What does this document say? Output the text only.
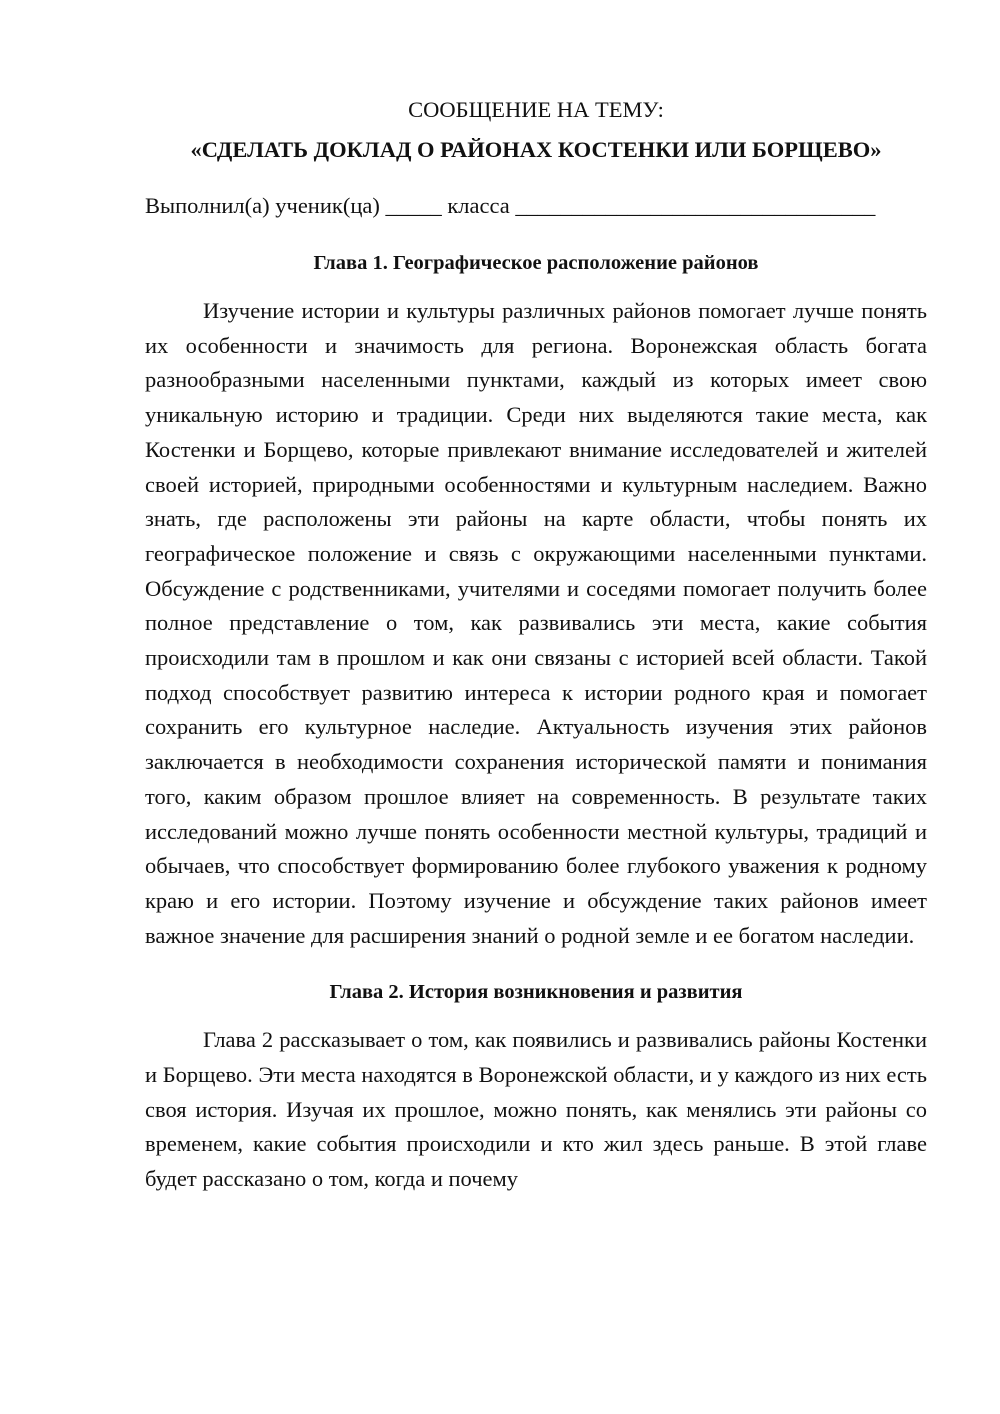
СООБЩЕНИЕ НА ТЕМУ:

«СДЕЛАТЬ ДОКЛАД О РАЙОНАХ КОСТЕНКИ ИЛИ БОРЩЕВО»

Выполнил(а) ученик(ца) _____ класса ________________________________

Глава 1. Географическое расположение районов

Изучение истории и культуры различных районов помогает лучше понять их особенности и значимость для региона. Воронежская область богата разнообразными населенными пунктами, каждый из которых имеет свою уникальную историю и традиции. Среди них выделяются такие места, как Костенки и Борщево, которые привлекают внимание исследователей и жителей своей историей, природными особенностями и культурным наследием. Важно знать, где расположены эти районы на карте области, чтобы понять их географическое положение и связь с окружающими населенными пунктами. Обсуждение с родственниками, учителями и соседями помогает получить более полное представление о том, как развивались эти места, какие события происходили там в прошлом и как они связаны с историей всей области. Такой подход способствует развитию интереса к истории родного края и помогает сохранить его культурное наследие. Актуальность изучения этих районов заключается в необходимости сохранения исторической памяти и понимания того, каким образом прошлое влияет на современность. В результате таких исследований можно лучше понять особенности местной культуры, традиций и обычаев, что способствует формированию более глубокого уважения к родному краю и его истории. Поэтому изучение и обсуждение таких районов имеет важное значение для расширения знаний о родной земле и ее богатом наследии.

Глава 2. История возникновения и развития

Глава 2 рассказывает о том, как появились и развивались районы Костенки и Борщево. Эти места находятся в Воронежской области, и у каждого из них есть своя история. Изучая их прошлое, можно понять, как менялись эти районы со временем, какие события происходили и кто жил здесь раньше. В этой главе будет рассказано о том, когда и почему
